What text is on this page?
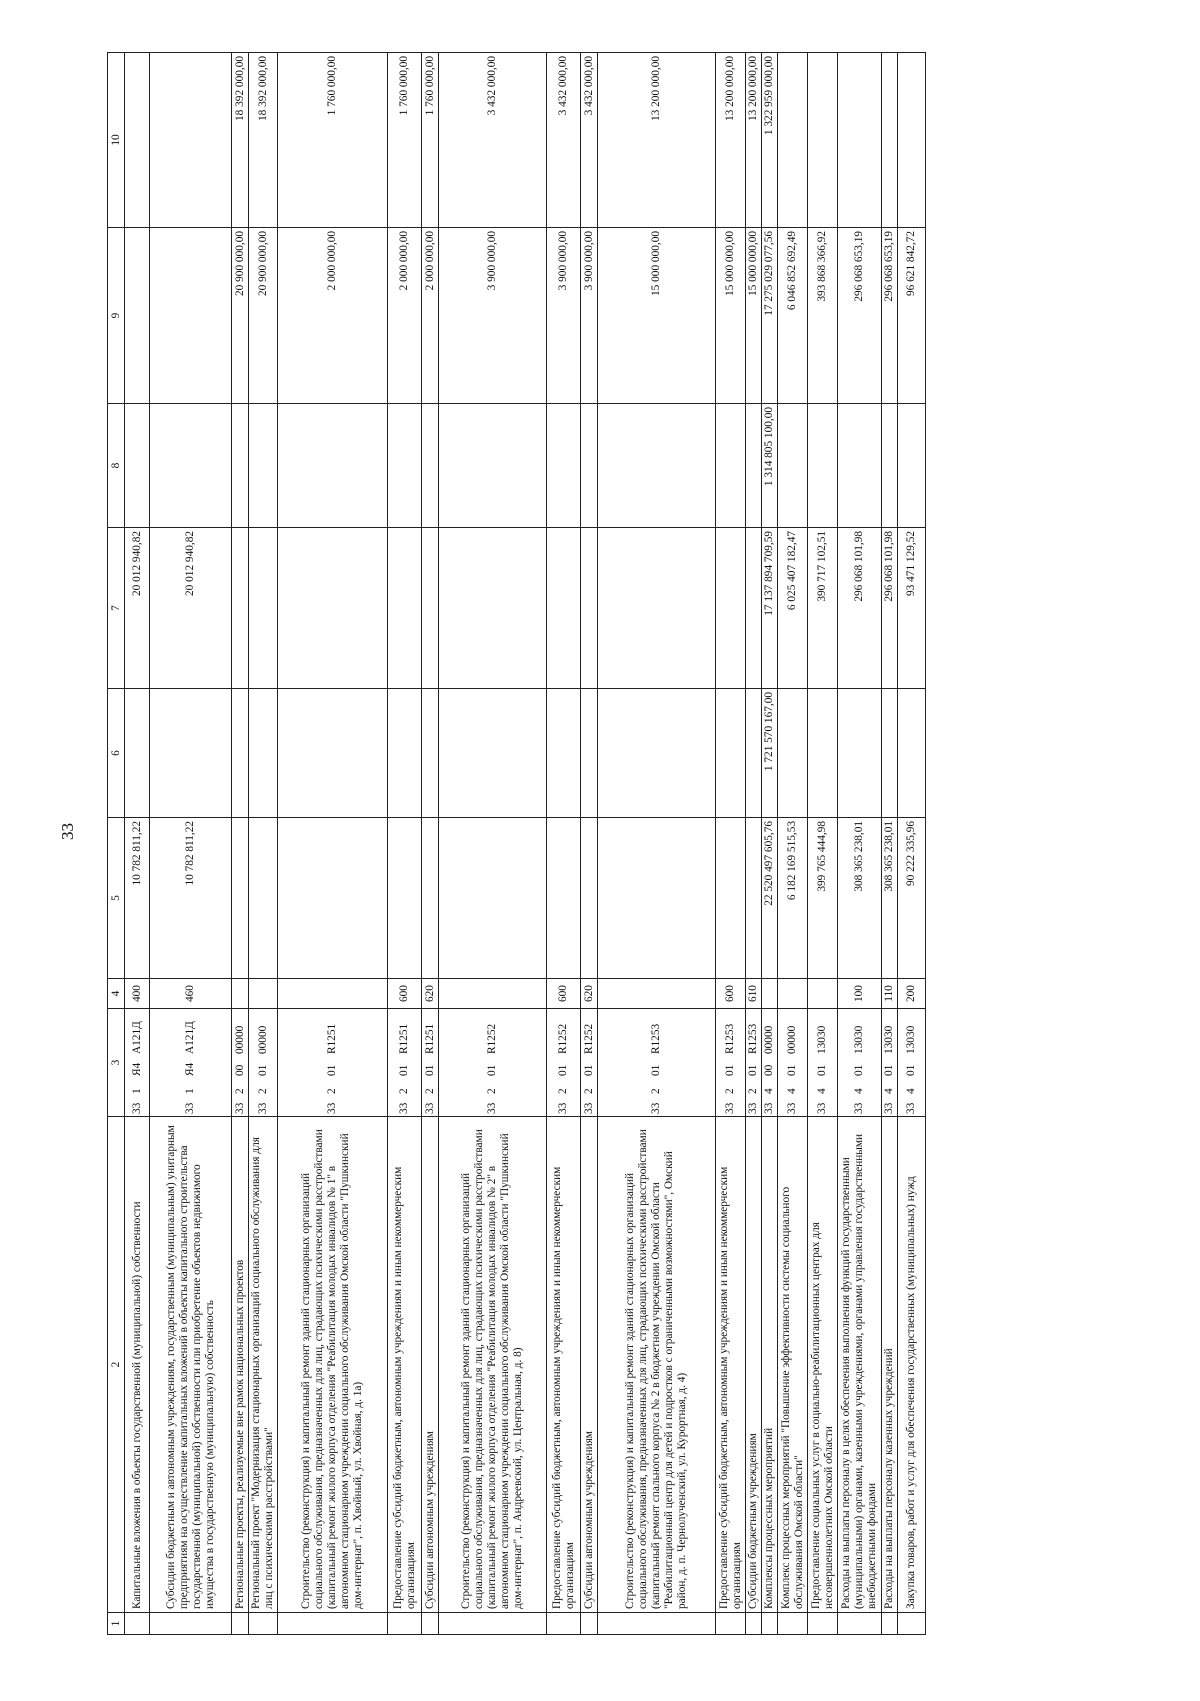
33
1	2	3	4	5	6	7	8	9	10
	Капитальные вложения в объекты государственной (муниципальной) собственности	331Я4А121Д	400	10 782 811,22		20 012 940,82			
	Субсидии бюджетным и автономным учреждениям, государственным (муниципальным) унитарным предприятиям на осуществление капитальных вложений в объекты капитального строительства государственной (муниципальной) собственности или приобретение объектов недвижимого имущества в государственную (муниципальную) собственность	331Я4А121Д	460	10 782 811,22		20 012 940,82			
	Региональные проекты, реализуемые вне рамок национальных проектов	3320000000						20 900 000,00	18 392 000,00
	Региональный проект "Модернизация стационарных организаций социального обслуживания для лиц с психическими расстройствами"	3320100000						20 900 000,00	18 392 000,00
	Строительство (реконструкция) и капитальный ремонт зданий стационарных организаций социального обслуживания, предназначенных для лиц, страдающих психическими расстройствами (капитальный ремонт жилого корпуса отделения "Реабилитация молодых инвалидов № 1" в автономном стационарном учреждении социального обслуживания Омской области "Пушкинский дом-интернат", п. Хвойный, ул. Хвойная, д. 1а)	33201R1251						2 000 000,00	1 760 000,00
	Предоставление субсидий бюджетным, автономным учреждениям и иным некоммерческим организациям	33201R1251	600					2 000 000,00	1 760 000,00
	Субсидии автономным учреждениям	33201R1251	620					2 000 000,00	1 760 000,00
	Строительство (реконструкция) и капитальный ремонт зданий стационарных организаций социального обслуживания, предназначенных для лиц, страдающих психическими расстройствами (капитальный ремонт жилого корпуса отделения "Реабилитация молодых инвалидов № 2" в автономном стационарном учреждении социального обслуживания Омской области "Пушкинский дом-интернат", п. Андреевский, ул. Центральная, д. 8)	33201R1252						3 900 000,00	3 432 000,00
	Предоставление субсидий бюджетным, автономным учреждениям и иным некоммерческим организациям	33201R1252	600					3 900 000,00	3 432 000,00
	Субсидии автономным учреждениям	33201R1252	620					3 900 000,00	3 432 000,00
	Строительство (реконструкция) и капитальный ремонт зданий стационарных организаций социального обслуживания, предназначенных для лиц, страдающих психическими расстройствами (капитальный ремонт спального корпуса № 2 в бюджетном учреждении Омской области "Реабилитационный центр для детей и подростков с ограниченными возможностями", Омский район, д. п. Чернолученский, ул. Курортная, д. 4)	33201R1253						15 000 000,00	13 200 000,00
	Предоставление субсидий бюджетным, автономным учреждениям и иным некоммерческим организациям	33201R1253	600					15 000 000,00	13 200 000,00
	Субсидии бюджетным учреждениям	33201R1253	610					15 000 000,00	13 200 000,00
	Комплексы процессных мероприятий	3340000000		22 520 497 605,76	1 721 570 167,00	17 137 894 709,59	1 314 805 100,00	17 275 029 077,56	1 322 959 000,00
	Комплекс процессных мероприятий "Повышение эффективности системы социального обслуживания Омской области"	3340100000		6 182 169 515,53		6 025 407 182,47		6 046 852 692,49	
	Предоставление социальных услуг в социально-реабилитационных центрах для несовершеннолетних Омской области	3340113030		399 765 444,98		390 717 102,51		393 868 366,92	
	Расходы на выплаты персоналу в целях обеспечения выполнения функций государственными (муниципальными) органами, казенными учреждениями, органами управления государственными внебюджетными фондами	3340113030	100	308 365 238,01		296 068 101,98		296 068 653,19	
	Расходы на выплаты персоналу казенных учреждений	3340113030	110	308 365 238,01		296 068 101,98		296 068 653,19	
	Закупка товаров, работ и услуг для обеспечения государственных (муниципальных) нужд	3340113030	200	90 222 335,96		93 471 129,52		96 621 842,72	
